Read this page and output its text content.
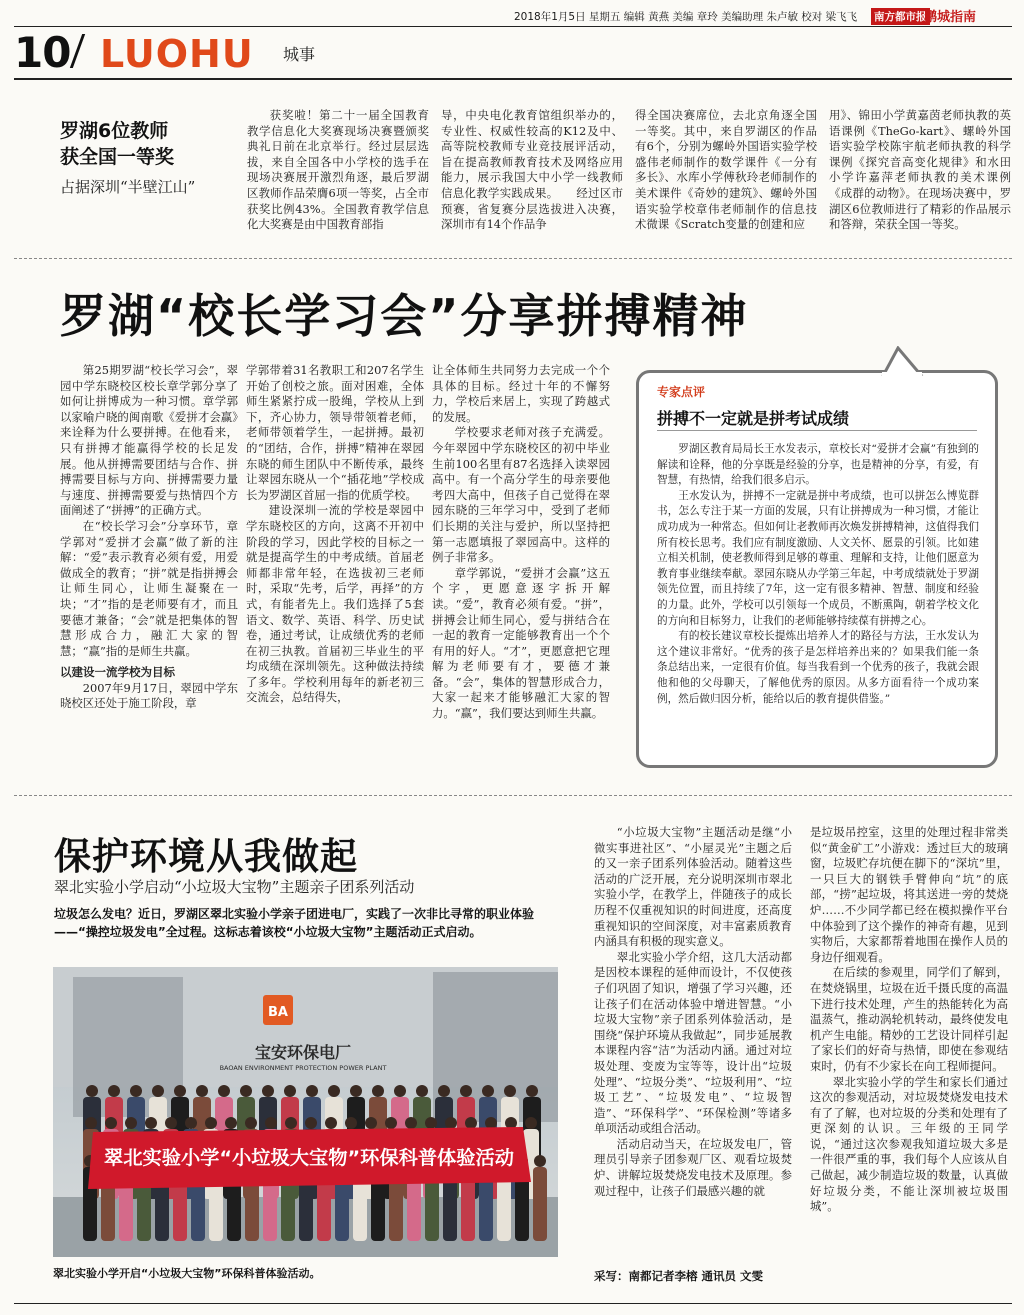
2018年1月5日 星期五 编辑 黄燕 美编 章玲 美编助理 朱卢敏 校对 梁飞飞 南方都市报
鹏城指南
10 LUOHU 城事
罗湖6位教师
获全国一等奖
占据深圳“半壁江山”

获奖啦！第二十一届全国教育教学信息化大奖赛现场决赛暨颁奖典礼日前在北京举行。经过层层选拔，来自全国各中小学校的选手在现场决赛展开激烈角逐，最后罗湖区教师作品荣膺6项一等奖，占全市获奖比例43%。全国教育教学信息化大奖赛是由中国教育部指

导，中央电化教育馆组织举办的，专业性、权威性较高的K12及中、高等院校教师专业竞技展评活动，旨在提高教师教育技术及网络应用能力，展示我国大中小学一线教师信息化教学实践成果。　　经过区市预赛，省复赛分层选拔进入决赛，深圳市有14个作品争

得全国决赛席位，去北京角逐全国一等奖。其中，来自罗湖区的作品有6个，分别为螺岭外国语实验学校盛伟老师制作的数学课件《一分有多长》、水库小学傅秋玲老师制作的美术课件《奇妙的建筑》、螺岭外国语实验学校章伟老师制作的信息技术微课《Scratch变量的创建和应

用》、锦田小学黄嘉茵老师执教的英语课例《TheGo-kart》、螺岭外国语实验学校陈宇航老师执教的科学课例《探究音高变化规律》和水田小学许嘉萍老师执教的美术课例《成群的动物》。在现场决赛中，罗湖区6位教师进行了精彩的作品展示和答辩，荣获全国一等奖。

罗湖“校长学习会”分享拼搏精神

第25期罗湖“校长学习会”，翠园中学东晓校区校长章学郭分享了如何让拼博成为一种习惯。章学郭以家喻户晓的闽南歌《爱拼才会赢》来诠释为什么要拼搏。在他看来，只有拼搏才能赢得学校的长足发展。他从拼搏需要团结与合作、拼搏需要目标与方向、拼搏需要力量与速度、拼搏需要爱与热情四个方面阐述了“拼搏”的正确方式。

在“校长学习会”分享环节，章学郭对“爱拼才会赢”做了新的注解：“爱”表示教育必须有爱，用爱做成全的教育；“拼”就是指拼搏会让师生同心，让师生凝聚在一块；“才”指的是老师要有才，而且要德才兼备；“会”就是把集体的智慧形成合力，融汇大家的智慧；“赢”指的是师生共赢。

以建设一流学校为目标

2007年9月17日，翠园中学东晓校区还处于施工阶段，章

学郭带着31名教职工和207名学生开始了创校之旅。面对困难，全体师生紧紧拧成一股绳，学校从上到下，齐心协力，领导带领着老师，老师带领着学生，一起拼搏。最初的“团结，合作，拼搏”精神在翠园东晓的师生团队中不断传承，最终让翠园东晓从一个“插花地”学校成长为罗湖区首屈一指的优质学校。

建设深圳一流的学校是翠园中学东晓校区的方向，这离不开初中阶段的学习，因此学校的目标之一就是提高学生的中考成绩。首届老师都非常年轻，在选拔初三老师时，采取“先考，后学，再择”的方式，有能者先上。我们选择了5套语文、数学、英语、科学、历史试卷，通过考试，让成绩优秀的老师在初三执教。首届初三毕业生的平均成绩在深圳领先。这种做法持续了多年。学校利用每年的新老初三交流会，总结得失，

让全体师生共同努力去完成一个个具体的目标。经过十年的不懈努力，学校后来居上，实现了跨越式的发展。

学校要求老师对孩子充满爱。今年翠园中学东晓校区的初中毕业生前100名里有87名选择入读翠园高中。有一个高分学生的母亲要他考四大高中，但孩子自己觉得在翠园东晓的三年学习中，受到了老师们长期的关注与爱护，所以坚持把第一志愿填报了翠园高中。这样的例子非常多。

章学郭说，“爱拼才会赢”这五个字，更愿意逐字拆开解读。“爱”，教育必须有爱。“拼”，拼搏会让师生同心，爱与拼结合在一起的教育一定能够教育出一个个有用的好人。“才”，更愿意把它理解为老师要有才，要德才兼备。“会”，集体的智慧形成合力，大家一起来才能够融汇大家的智力。“赢”，我们要达到师生共赢。

专家点评
拼搏不一定就是拼考试成绩

罗湖区教育局局长王水发表示，章校长对“爱拼才会赢”有独到的解读和诠释，他的分享既是经验的分享，也是精神的分享，有爱，有智慧，有热情，给我们很多启示。

王水发认为，拼搏不一定就是拼中考成绩，也可以拼怎么博览群书，怎么专注于某一方面的发展，只有让拼搏成为一种习惯，才能让成功成为一种常态。但如何让老教师再次焕发拼搏精神，这值得我们所有校长思考。我们应有制度激励、人文关怀、愿景的引领。比如建立相关机制，使老教师得到足够的尊重、理解和支持，让他们愿意为教育事业继续奉献。翠园东晓从办学第三年起，中考成绩就处于罗湖领先位置，而且持续了7年，这一定有很多精神、智慧、制度和经验的力量。此外，学校可以引领每一个成员，不断熏陶，朝着学校文化的方向和目标努力，让我们的老师能够持续葆有拼搏之心。

有的校长建议章校长提炼出培养人才的路径与方法，王水发认为这个建议非常好。“优秀的孩子是怎样培养出来的？如果我们能一条条总结出来，一定很有价值。每当我看到一个优秀的孩子，我就会跟他和他的父母聊天，了解他优秀的原因。从多方面看待一个成功案例，然后做归因分析，能给以后的教育提供借鉴。”

保护环境从我做起
翠北实验小学启动“小垃圾大宝物”主题亲子团系列活动
垃圾怎么发电？近日，罗湖区翠北实验小学亲子团进电厂，实践了一次非比寻常的职业体验——“操控垃圾发电”全过程。这标志着该校“小垃圾大宝物”主题活动正式启动。
BA
宝安环保电厂
BAOAN ENVIRONMENT PROTECTION POWER PLANT
翠北实验小学“小垃圾大宝物”环保科普体验活动
翠北实验小学开启“小垃圾大宝物”环保科普体验活动。

“小垃圾大宝物”主题活动是继“小微实事进社区”、“小屋灵光”主题之后的又一亲子团系列体验活动。随着这些活动的广泛开展，充分说明深圳市翠北实验小学，在教学上，伴随孩子的成长历程不仅重视知识的时间进度，还高度重视知识的空间深度，对丰富素质教育内涵具有积极的现实意义。

翠北实验小学介绍，这几大活动都是因校本课程的延伸而设计，不仅使孩子们巩固了知识，增强了学习兴趣，还让孩子们在活动体验中增进智慧。“小垃圾大宝物”亲子团系列体验活动，是围绕“保护环境从我做起”，同步延展教本课程内容“洁”为活动内涵。通过对垃圾处理、变废为宝等等，设计出“垃圾处理”、“垃圾分类”、“垃圾利用”、“垃圾工艺”、“垃圾发电”、“垃圾智造”、“环保科学”、“环保检测”等诸多单项活动或组合活动。

活动启动当天，在垃圾发电厂，管理员引导亲子团参观厂区、观看垃圾焚炉、讲解垃圾焚烧发电技术及原理。参观过程中，让孩子们最感兴趣的就

是垃圾吊控室，这里的处理过程非常类似“黄金矿工”小游戏：透过巨大的玻璃窗，垃圾贮存坑便在脚下的“深坑”里，一只巨大的钢铁手臂伸向“坑”的底部，“捞”起垃圾，将其送进一旁的焚烧炉……不少同学都已经在模拟操作平台中体验到了这个操作的神奇有趣，见到实物后，大家都帮着地围在操作人员的身边仔细观看。

在后续的参观里，同学们了解到，在焚烧锅里，垃圾在近千摄氏度的高温下进行技术处理，产生的热能转化为高温蒸气，推动涡轮机转动，最终使发电机产生电能。精妙的工艺设计同样引起了家长们的好奇与热情，即使在参观结束时，仍有不少家长在向工程师提问。

翠北实验小学的学生和家长们通过这次的参观活动，对垃圾焚烧发电技术有了了解，也对垃圾的分类和处理有了更深刻的认识。三年级的王同学说，“通过这次参观我知道垃圾大多是一件很严重的事，我们每个人应该从自己做起，减少制造垃圾的数量，认真做好垃圾分类，不能让深圳被垃圾围城”。

采写：南都记者李榕 通讯员 文雯
